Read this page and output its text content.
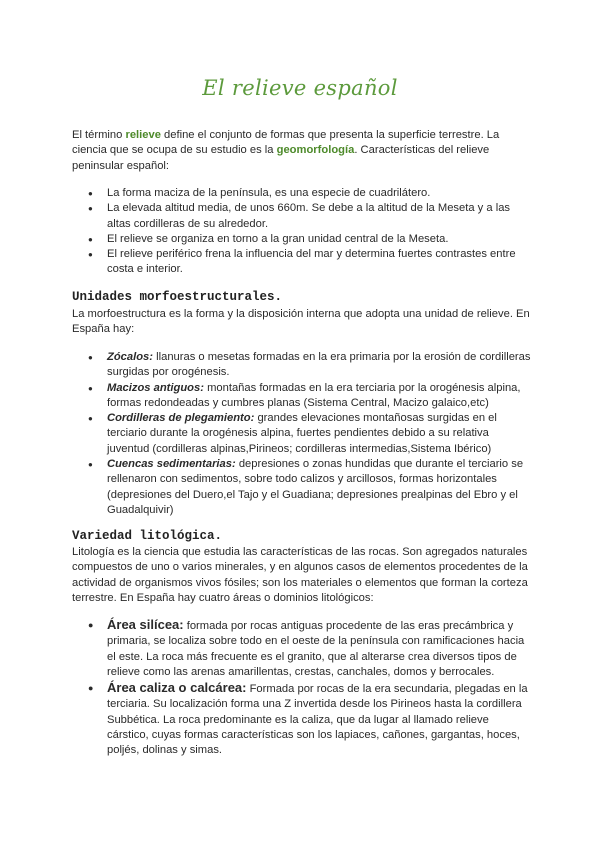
El relieve español

El término relieve define el conjunto de formas que presenta la superficie terrestre. La ciencia que se ocupa de su estudio es la geomorfología. Características del relieve peninsular español:

● La forma maciza de la península, es una especie de cuadrilátero.
● La elevada altitud media, de unos 660m. Se debe a la altitud de la Meseta y a las altas cordilleras de su alrededor.
● El relieve se organiza en torno a la gran unidad central de la Meseta.
● El relieve periférico frena la influencia del mar y determina fuertes contrastes entre costa e interior.
Unidades morfoestructurales.

La morfoestructura es la forma y la disposición interna que adopta una unidad de relieve. En España hay:

● Zócalos: llanuras o mesetas formadas en la era primaria por la erosión de cordilleras surgidas por orogénesis.
● Macizos antiguos: montañas formadas en la era terciaria por la orogénesis alpina, formas redondeadas y cumbres planas (Sistema Central, Macizo galaico,etc)
● Cordilleras de plegamiento: grandes elevaciones montañosas surgidas en el terciario durante la orogénesis alpina, fuertes pendientes debido a su relativa juventud (cordilleras alpinas,Pirineos; cordilleras intermedias,Sistema Ibérico)
● Cuencas sedimentarias: depresiones o zonas hundidas que durante el terciario se rellenaron con sedimentos, sobre todo calizos y arcillosos, formas horizontales (depresiones del Duero,el Tajo y el Guadiana; depresiones prealpinas del Ebro y el Guadalquivir)
Variedad litológica.

Litología es la ciencia que estudia las características de las rocas. Son agregados naturales compuestos de uno o varios minerales, y en algunos casos de elementos procedentes de la actividad de organismos vivos fósiles; son los materiales o elementos que forman la corteza terrestre. En España hay cuatro áreas o dominios litológicos:

● Área silícea: formada por rocas antiguas procedente de las eras precámbrica y primaria, se localiza sobre todo en el oeste de la península con ramificaciones hacia el este. La roca más frecuente es el granito, que al alterarse crea diversos tipos de relieve como las arenas amarillentas, crestas, canchales, domos y berrocales.
● Área caliza o calcárea: Formada por rocas de la era secundaria, plegadas en la terciaria. Su localización forma una Z invertida desde los Pirineos hasta la cordillera Subbética. La roca predominante es la caliza, que da lugar al llamado relieve cárstico, cuyas formas características son los lapiaces, cañones, gargantas, hoces, poljés, dolinas y simas.
